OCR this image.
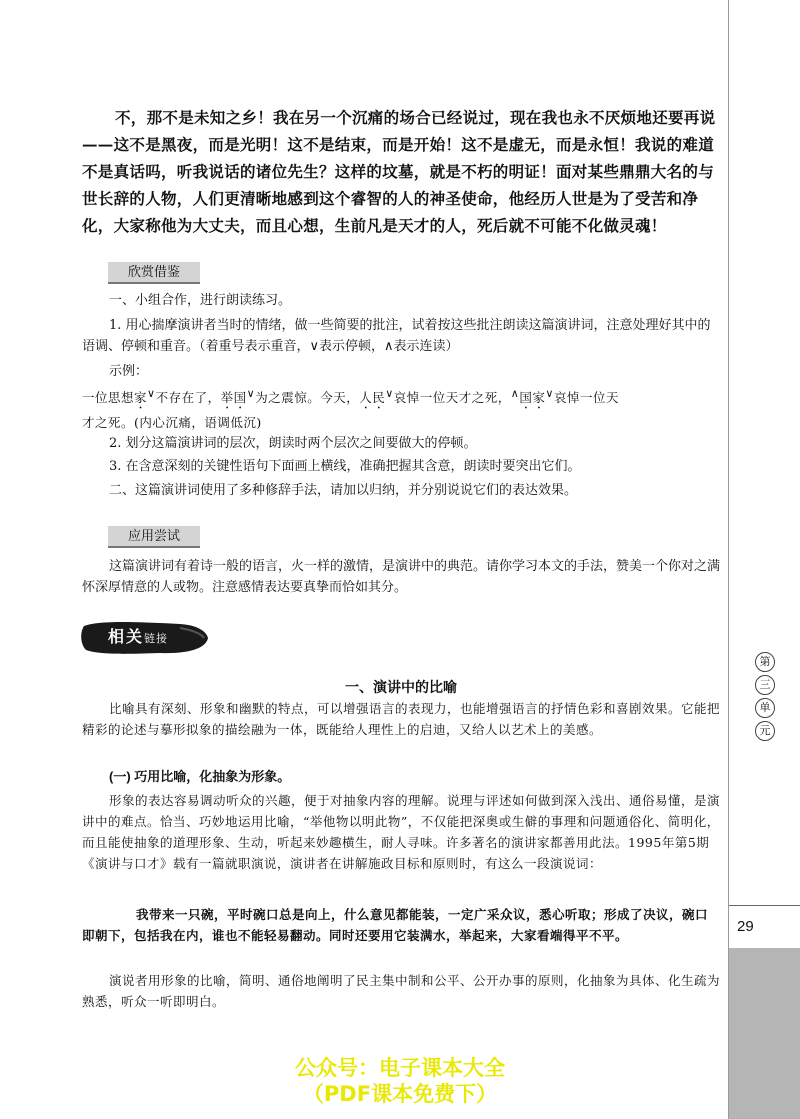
第
三
单
元
29

不，那不是未知之乡！我在另一个沉痛的场合已经说过，现在我也永不厌烦地还要再说——这不是黑夜，而是光明！这不是结束，而是开始！这不是虚无，而是永恒！我说的难道不是真话吗，听我说话的诸位先生？这样的坟墓，就是不朽的明证！面对某些鼎鼎大名的与世长辞的人物，人们更清晰地感到这个睿智的人的神圣使命，他经历人世是为了受苦和净化，大家称他为大丈夫，而且心想，生前凡是天才的人，死后就不可能不化做灵魂！

欣赏借鉴

一、小组合作，进行朗读练习。

1. 用心揣摩演讲者当时的情绪，做一些简要的批注，试着按这些批注朗读这篇演讲词，注意处理好其中的语调、停顿和重音。（着重号表示重音，∨表示停顿，∧表示连读）

示例：

一位思想家∨不存在了，举国∨为之震惊。今天，人民∨哀悼一位天才之死，∧国家∨哀悼一位天
才之死。(内心沉痛，语调低沉)

2. 划分这篇演讲词的层次，朗读时两个层次之间要做大的停顿。

3. 在含意深刻的关键性语句下面画上横线，准确把握其含意，朗读时要突出它们。

二、这篇演讲词使用了多种修辞手法，请加以归纳，并分别说说它们的表达效果。

应用尝试

这篇演讲词有着诗一般的语言，火一样的激情，是演讲中的典范。请你学习本文的手法，赞美一个你对之满怀深厚情意的人或物。注意感情表达要真挚而恰如其分。

相关链接
一、演讲中的比喻

比喻具有深刻、形象和幽默的特点，可以增强语言的表现力，也能增强语言的抒情色彩和喜剧效果。它能把精彩的论述与摹形拟象的描绘融为一体，既能给人理性上的启迪，又给人以艺术上的美感。

(一) 巧用比喻，化抽象为形象。

形象的表达容易调动听众的兴趣，便于对抽象内容的理解。说理与评述如何做到深入浅出、通俗易懂，是演讲中的难点。恰当、巧妙地运用比喻，“举他物以明此物”，不仅能把深奥或生僻的事理和问题通俗化、简明化，而且能使抽象的道理形象、生动，听起来妙趣横生，耐人寻味。许多著名的演讲家都善用此法。1995年第5期《演讲与口才》载有一篇就职演说，演讲者在讲解施政目标和原则时，有这么一段演说词：

我带来一只碗，平时碗口总是向上，什么意见都能装，一定广采众议，悉心听取；形成了决议，碗口即朝下，包括我在内，谁也不能轻易翻动。同时还要用它装满水，举起来，大家看端得平不平。

演说者用形象的比喻，简明、通俗地阐明了民主集中制和公平、公开办事的原则，化抽象为具体、化生疏为熟悉，听众一听即明白。

公众号：电子课本大全
（PDF课本免费下）
